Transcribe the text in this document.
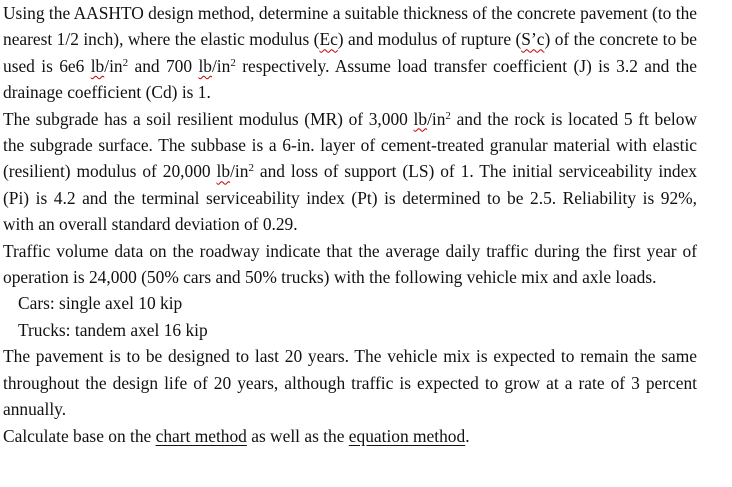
Using the AASHTO design method, determine a suitable thickness of the concrete pavement (to the nearest 1/2 inch), where the elastic modulus (Ec) and modulus of rupture (S’c) of the concrete to be used is 6e6 $lb/in^2$ and 700 $lb/in^2$ respectively. Assume load transfer coefficient (J) is 3.2 and the drainage coefficient (Cd) is 1.

The subgrade has a soil resilient modulus (MR) of 3,000 $lb/in^2$ and the rock is located 5 ft below the subgrade surface. The subbase is a 6-in. layer of cement-treated granular material with elastic (resilient) modulus of 20,000 $lb/in^2$ and loss of support (LS) of 1. The initial serviceability index (Pi) is 4.2 and the terminal serviceability index (Pt) is determined to be 2.5. Reliability is 92%, with an overall standard deviation of 0.29.

Traffic volume data on the roadway indicate that the average daily traffic during the first year of operation is 24,000 (50% cars and 50% trucks) with the following vehicle mix and axle loads.

Cars: single axel 10 kip

Trucks: tandem axel 16 kip

The pavement is to be designed to last 20 years. The vehicle mix is expected to remain the same throughout the design life of 20 years, although traffic is expected to grow at a rate of 3 percent annually.

Calculate base on the chart method as well as the equation method.
